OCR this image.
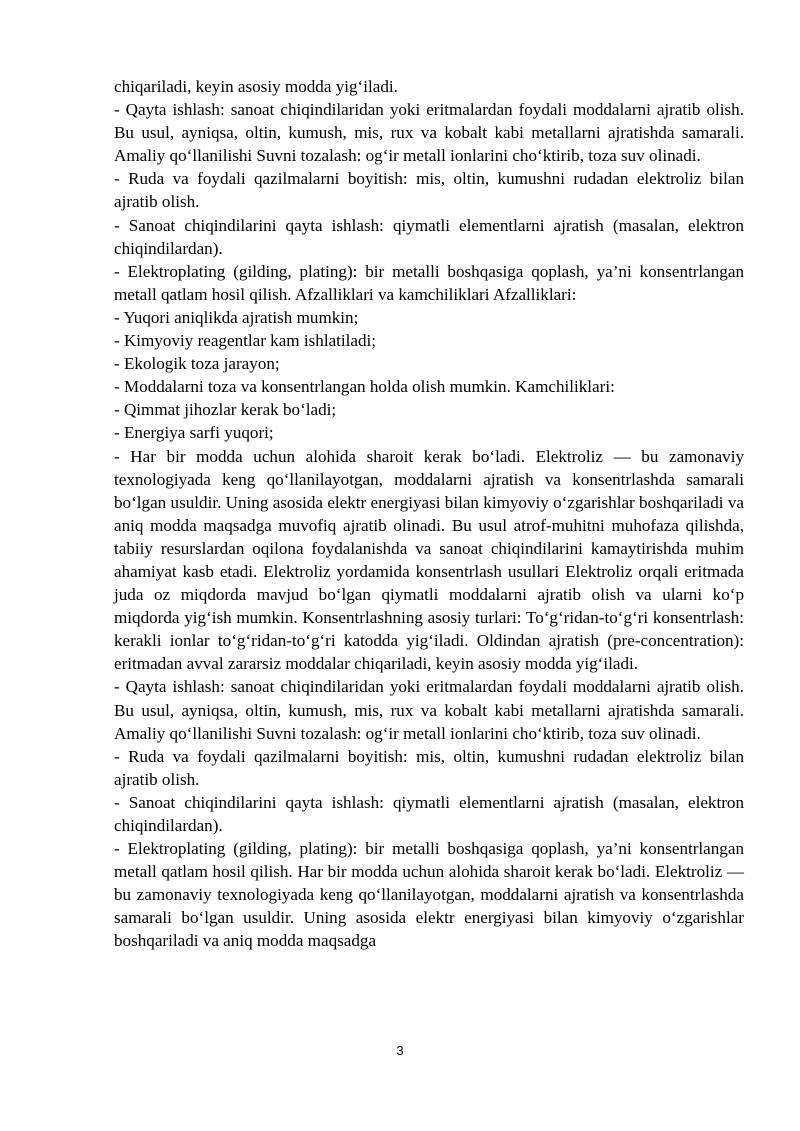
chiqariladi, keyin asosiy modda yig‘iladi.

- Qayta ishlash: sanoat chiqindilaridan yoki eritmalardan foydali moddalarni ajratib olish. Bu usul, ayniqsa, oltin, kumush, mis, rux va kobalt kabi metallarni ajratishda samarali. Amaliy qo‘llanilishi Suvni tozalash: og‘ir metall ionlarini cho‘ktirib, toza suv olinadi.

- Ruda va foydali qazilmalarni boyitish: mis, oltin, kumushni rudadan elektroliz bilan ajratib olish.

- Sanoat chiqindilarini qayta ishlash: qiymatli elementlarni ajratish (masalan, elektron chiqindilardan).

- Elektroplating (gilding, plating): bir metalli boshqasiga qoplash, ya’ni konsentrlangan metall qatlam hosil qilish. Afzalliklari va kamchiliklari Afzalliklari:

- Yuqori aniqlikda ajratish mumkin;

- Kimyoviy reagentlar kam ishlatiladi;

- Ekologik toza jarayon;

- Moddalarni toza va konsentrlangan holda olish mumkin. Kamchiliklari:

- Qimmat jihozlar kerak bo‘ladi;

- Energiya sarfi yuqori;

- Har bir modda uchun alohida sharoit kerak bo‘ladi. Elektroliz — bu zamonaviy texnologiyada keng qo‘llanilayotgan, moddalarni ajratish va konsentrlashda samarali bo‘lgan usuldir. Uning asosida elektr energiyasi bilan kimyoviy o‘zgarishlar boshqariladi va aniq modda maqsadga muvofiq ajratib olinadi. Bu usul atrof-muhitni muhofaza qilishda, tabiiy resurslardan oqilona foydalanishda va sanoat chiqindilarini kamaytirishda muhim ahamiyat kasb etadi. Elektroliz yordamida konsentrlash usullari Elektroliz orqali eritmada juda oz miqdorda mavjud bo‘lgan qiymatli moddalarni ajratib olish va ularni ko‘p miqdorda yig‘ish mumkin. Konsentrlashning asosiy turlari: To‘g‘ridan-to‘g‘ri konsentrlash: kerakli ionlar to‘g‘ridan-to‘g‘ri katodda yig‘iladi. Oldindan ajratish (pre-concentration): eritmadan avval zararsiz moddalar chiqariladi, keyin asosiy modda yig‘iladi.

- Qayta ishlash: sanoat chiqindilaridan yoki eritmalardan foydali moddalarni ajratib olish. Bu usul, ayniqsa, oltin, kumush, mis, rux va kobalt kabi metallarni ajratishda samarali. Amaliy qo‘llanilishi Suvni tozalash: og‘ir metall ionlarini cho‘ktirib, toza suv olinadi.

- Ruda va foydali qazilmalarni boyitish: mis, oltin, kumushni rudadan elektroliz bilan ajratib olish.

- Sanoat chiqindilarini qayta ishlash: qiymatli elementlarni ajratish (masalan, elektron chiqindilardan).

- Elektroplating (gilding, plating): bir metalli boshqasiga qoplash, ya’ni konsentrlangan metall qatlam hosil qilish. Har bir modda uchun alohida sharoit kerak bo‘ladi. Elektroliz — bu zamonaviy texnologiyada keng qo‘llanilayotgan, moddalarni ajratish va konsentrlashda samarali bo‘lgan usuldir. Uning asosida elektr energiyasi bilan kimyoviy o‘zgarishlar boshqariladi va aniq modda maqsadga

3
